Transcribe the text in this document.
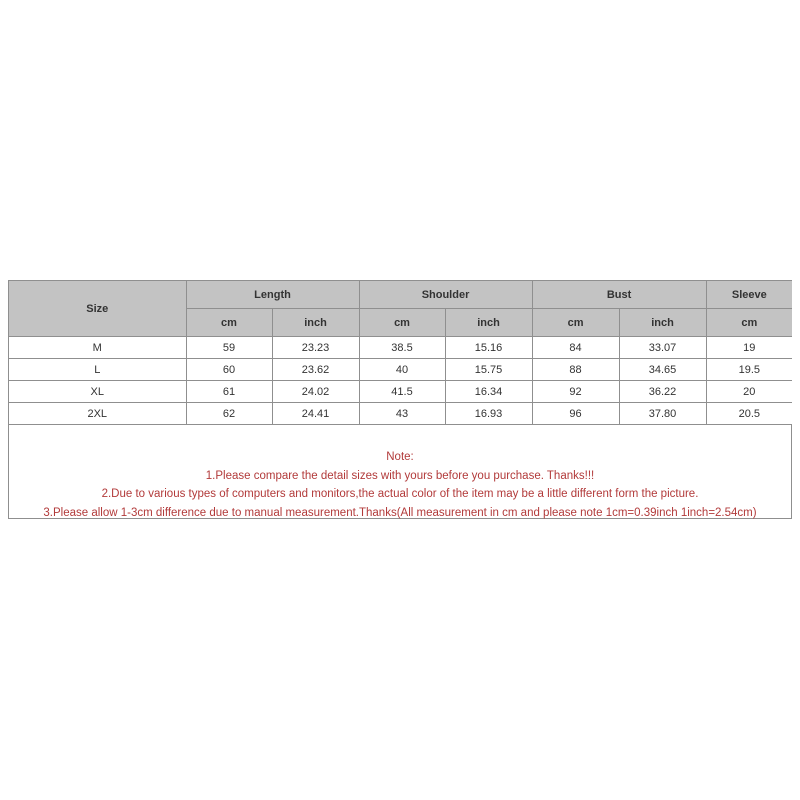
Size	Length		Shoulder		Bust		Sleeve
	cm	inch	cm	inch	cm	inch	cm
M	59	23.23	38.5	15.16	84	33.07	19
L	60	23.62	40	15.75	88	34.65	19.5
XL	61	24.02	41.5	16.34	92	36.22	20
2XL	62	24.41	43	16.93	96	37.80	20.5
Note:
1.Please compare the detail sizes with yours before you purchase. Thanks!!!
2.Due to various types of computers and monitors,the actual color of the item may be a little different form the picture.
3.Please allow 1-3cm difference due to manual measurement.Thanks(All measurement in cm and please note 1cm=0.39inch 1inch=2.54cm)
